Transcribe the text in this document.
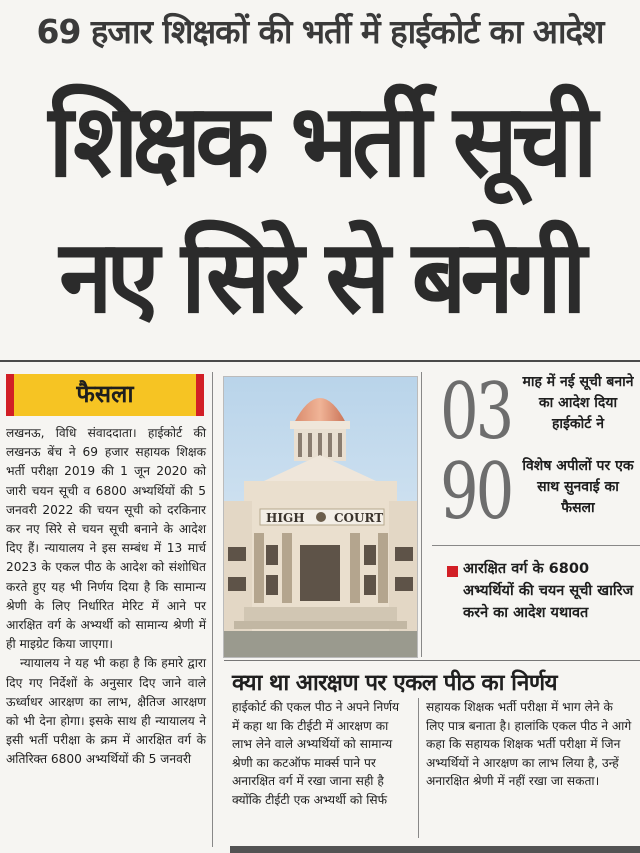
69 हजार शिक्षकों की भर्ती में हाईकोर्ट का आदेश
शिक्षक भर्ती सूची
नए सिरे से बनेगी
फैसला

लखनऊ, विधि संवाददाता। हाईकोर्ट की लखनऊ बेंच ने 69 हजार सहायक शिक्षक भर्ती परीक्षा 2019 की 1 जून 2020 को जारी चयन सूची व 6800 अभ्यर्थियों की 5 जनवरी 2022 की चयन सूची को दरकिनार कर नए सिरे से चयन सूची बनाने के आदेश दिए हैं। न्यायालय ने इस सम्बंध में 13 मार्च 2023 के एकल पीठ के आदेश को संशोधित करते हुए यह भी निर्णय दिया है कि सामान्य श्रेणी के लिए निर्धारित मेरिट में आने पर आरक्षित वर्ग के अभ्यर्थी को सामान्य श्रेणी में ही माइग्रेट किया जाएगा।

न्यायालय ने यह भी कहा है कि हमारे द्वारा दिए गए निर्देशों के अनुसार दिए जाने वाले ऊर्ध्वाधर आरक्षण का लाभ, क्षैतिज आरक्षण को भी देना होगा। इसके साथ ही न्यायालय ने इसी भर्ती परीक्षा के क्रम में आरक्षित वर्ग के अतिरिक्त 6800 अभ्यर्थियों की 5 जनवरी

HIGH COURT
03 माह में नई सूची बनाने का आदेश दिया हाईकोर्ट ने
90 विशेष अपीलों पर एक साथ सुनवाई का फैसला
आरक्षित वर्ग के 6800 अभ्यर्थियों की चयन सूची खारिज करने का आदेश यथावत
क्या था आरक्षण पर एकल पीठ का निर्णय
हाईकोर्ट की एकल पीठ ने अपने निर्णय में कहा था कि टीईटी में आरक्षण का लाभ लेने वाले अभ्यर्थियों को सामान्य श्रेणी का कटऑफ मार्क्स पाने पर अनारक्षित वर्ग में रखा जाना सही है क्योंकि टीईटी एक अभ्यर्थी को सिर्फ
सहायक शिक्षक भर्ती परीक्षा में भाग लेने के लिए पात्र बनाता है। हालांकि एकल पीठ ने आगे कहा कि सहायक शिक्षक भर्ती परीक्षा में जिन अभ्यर्थियों ने आरक्षण का लाभ लिया है, उन्हें अनारक्षित श्रेणी में नहीं रखा जा सकता।
